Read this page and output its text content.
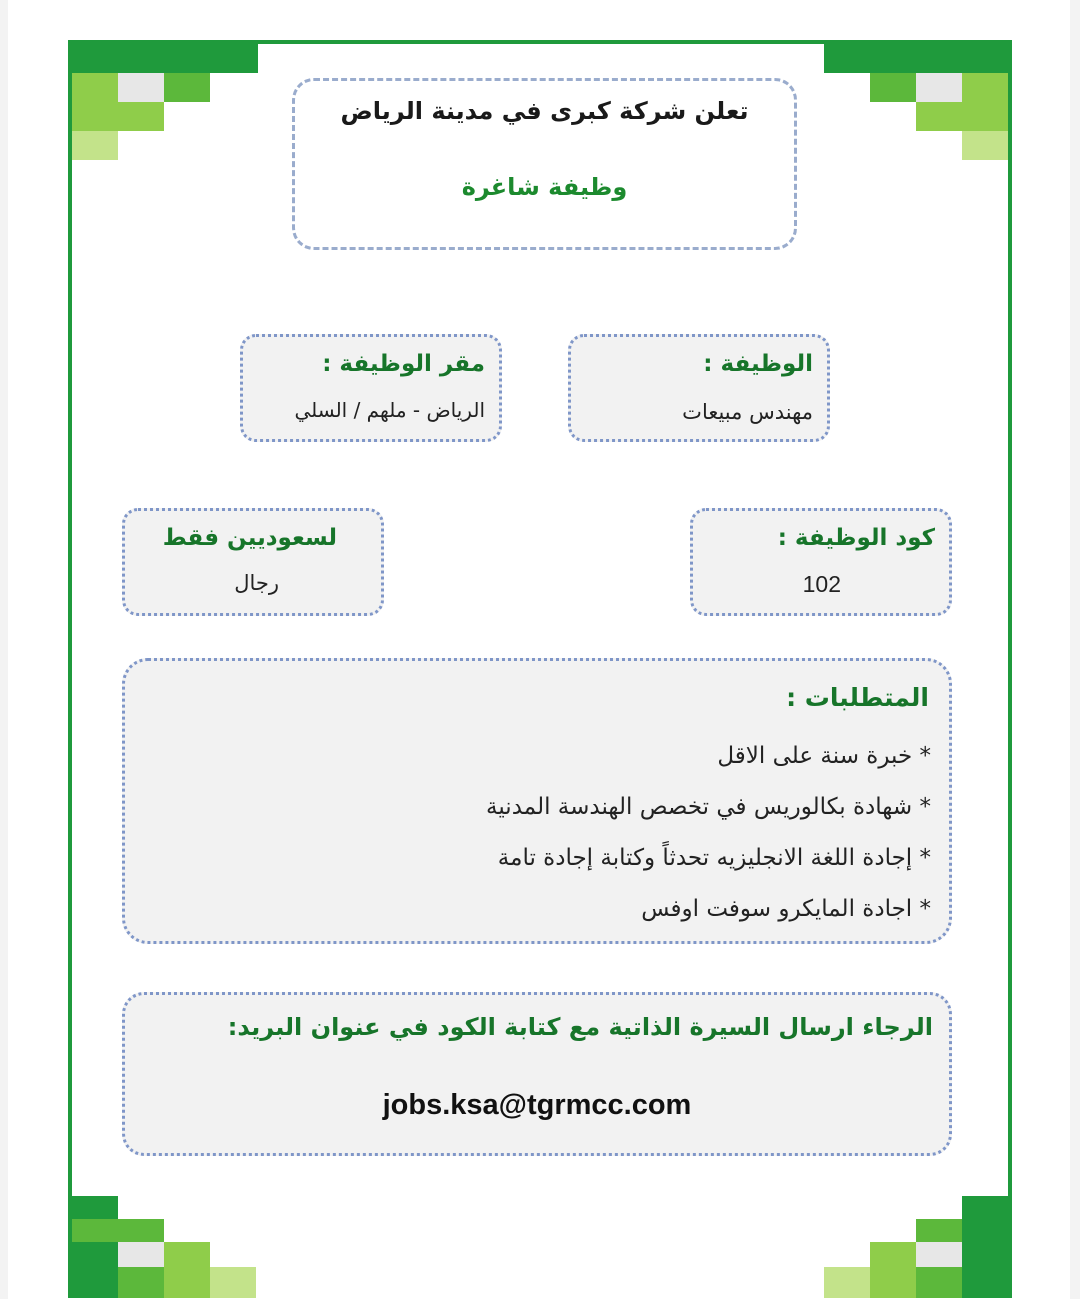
تعلن شركة كبرى في مدينة الرياض
وظيفة شاغرة
الوظيفة :
مهندس مبيعات
مقر الوظيفة :
الرياض - ملهم / السلي
كود الوظيفة :
102
لسعوديين فقط
رجال
المتطلبات :
* خبرة سنة على الاقل
* شهادة بكالوريس في تخصص الهندسة المدنية
* إجادة اللغة الانجليزيه تحدثاً وكتابة إجادة تامة
* اجادة المايكرو سوفت اوفس
الرجاء ارسال السيرة الذاتية مع كتابة الكود في عنوان البريد:
jobs.ksa@tgrmcc.com
